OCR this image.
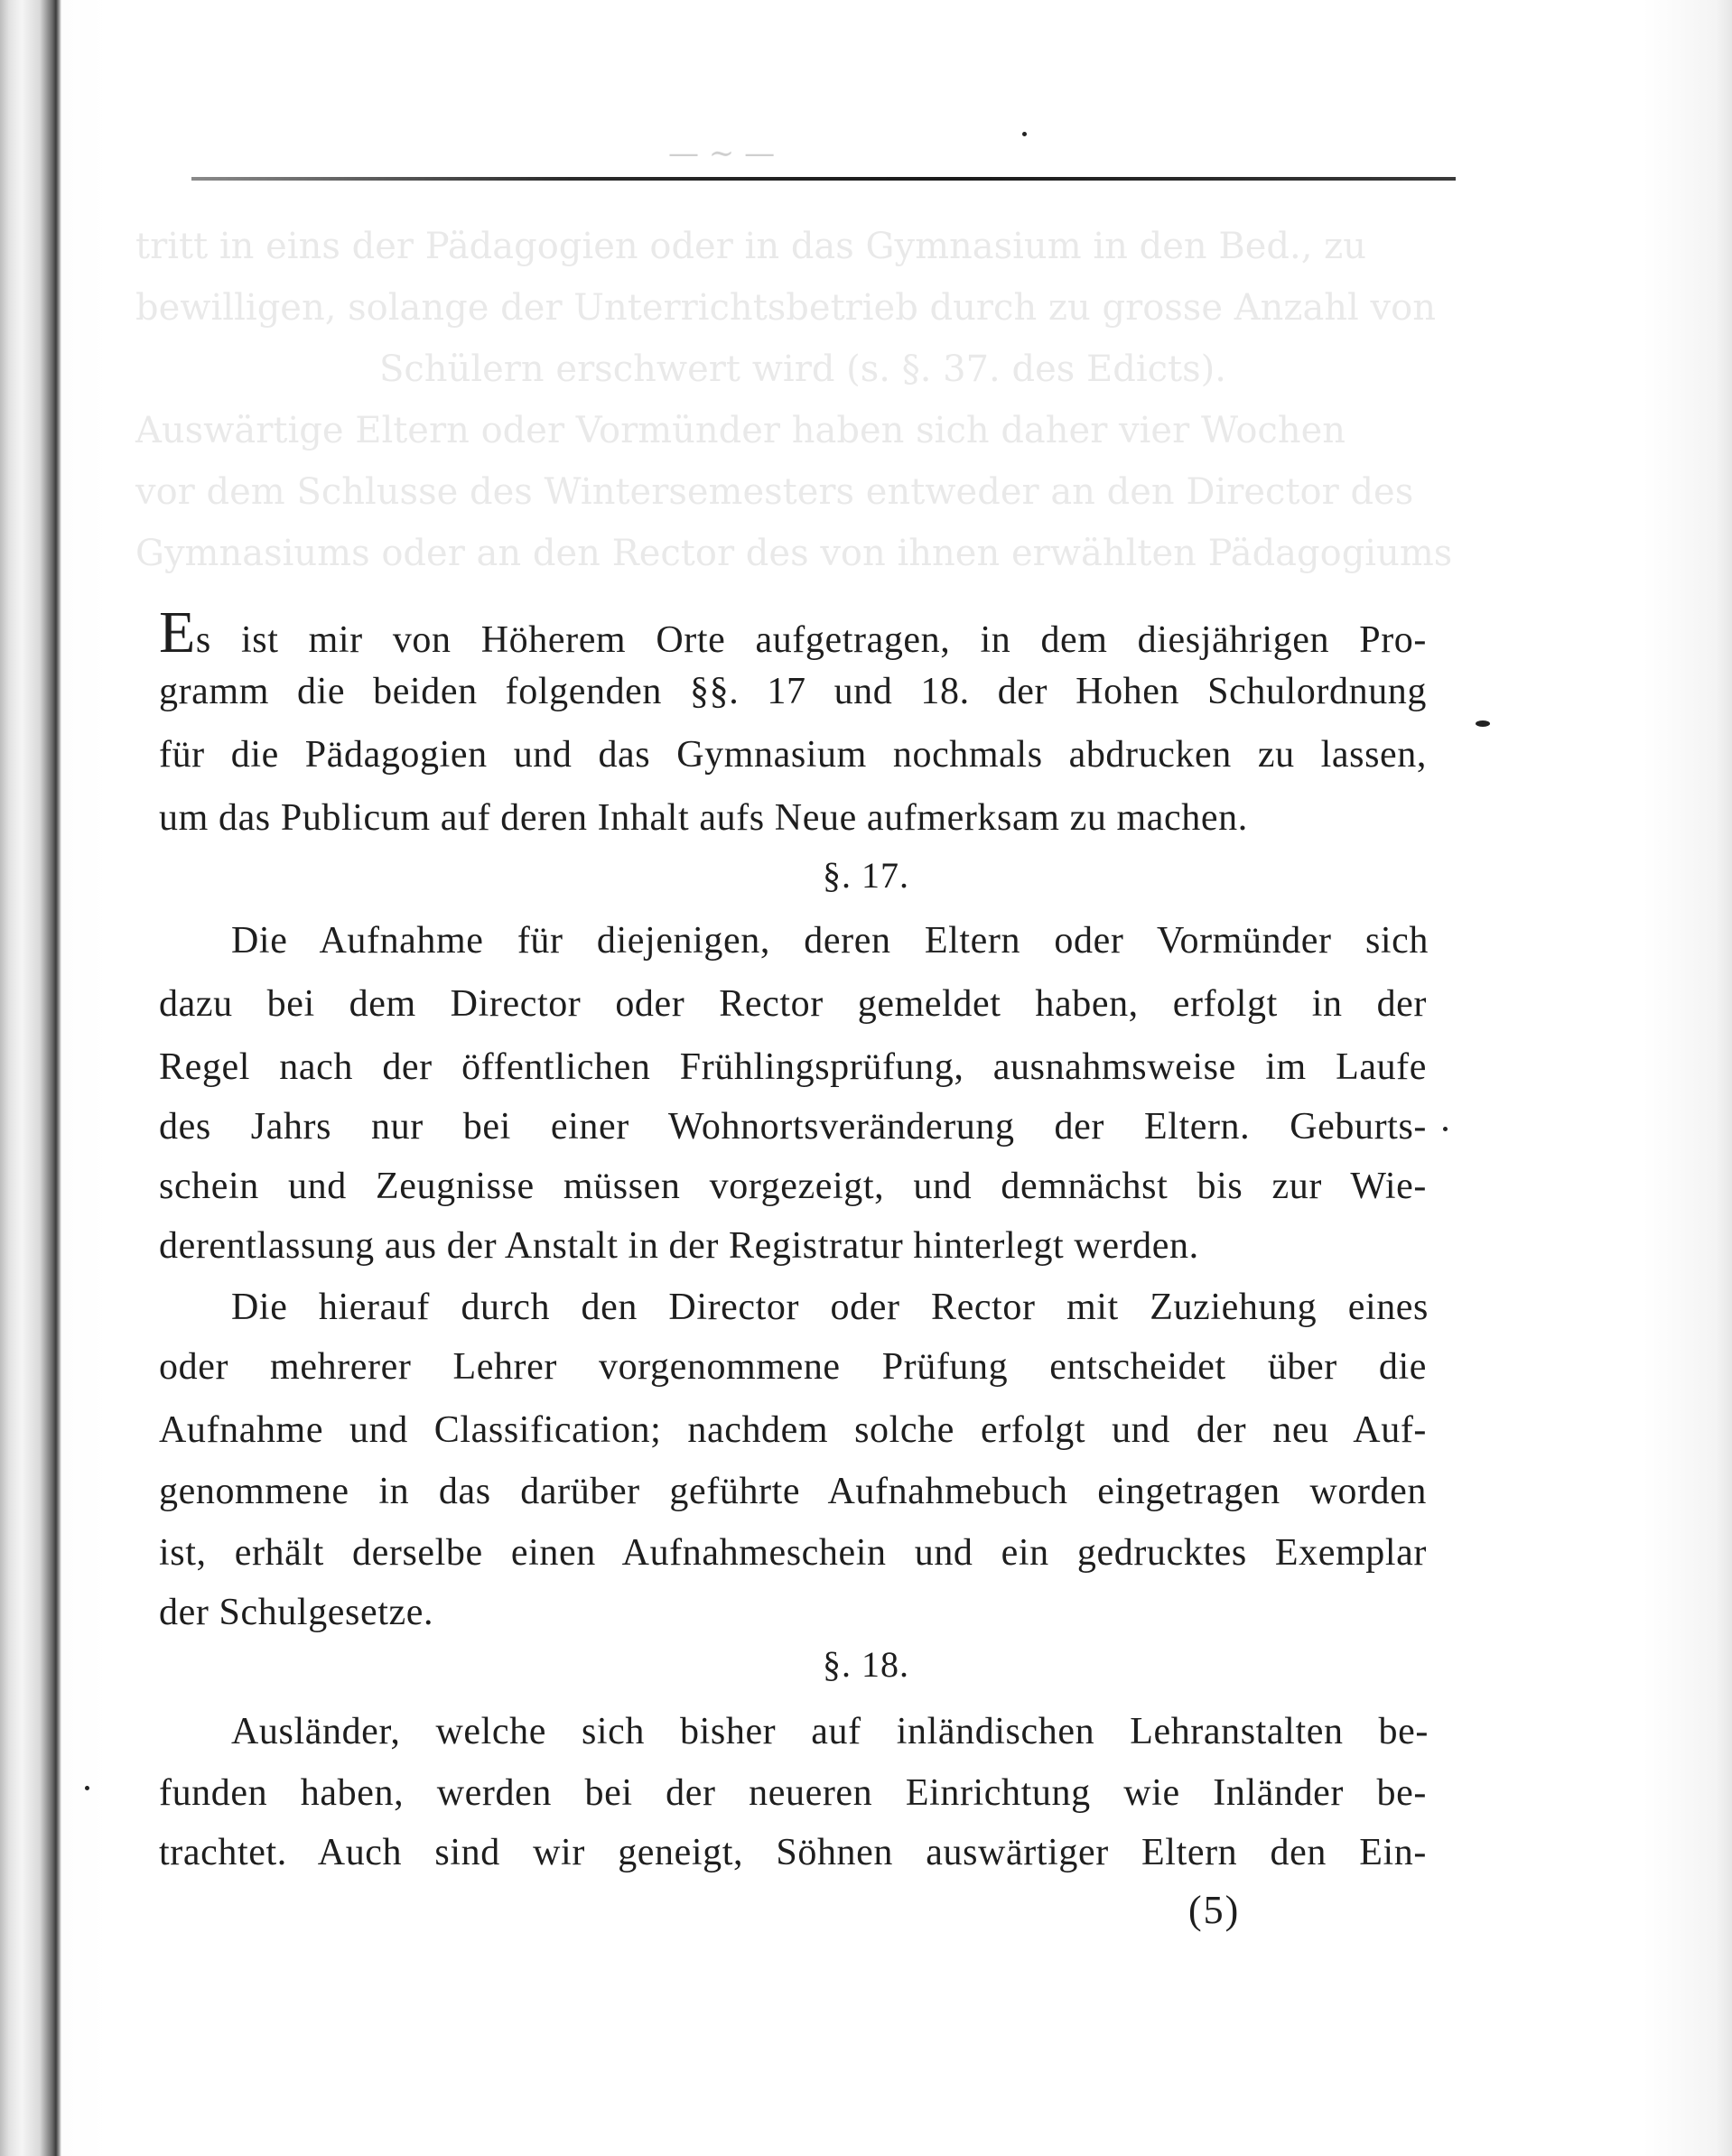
tritt in eins der Pädagogien oder in das Gymnasium in den Bed., zu
bewilligen, solange der Unterrichtsbetrieb durch zu grosse Anzahl von
Schülern erschwert wird (s. §. 37. des Edicts).
Auswärtige Eltern oder Vormünder haben sich daher vier Wochen
vor dem Schlusse des Wintersemesters entweder an den Director des
Gymnasiums oder an den Rector des von ihnen erwählten Pädagogiums
— ∼ —
Es ist mir von Höherem Orte aufgetragen, in dem diesjährigen Pro-
gramm die beiden folgenden §§. 17 und 18. der Hohen Schulordnung
für die Pädagogien und das Gymnasium nochmals abdrucken zu lassen,
um das Publicum auf deren Inhalt aufs Neue aufmerksam zu machen.
§. 17.
Die Aufnahme für diejenigen, deren Eltern oder Vormünder sich
dazu bei dem Director oder Rector gemeldet haben, erfolgt in der
Regel nach der öffentlichen Frühlingsprüfung, ausnahmsweise im Laufe
des Jahrs nur bei einer Wohnortsveränderung der Eltern. Geburts-
schein und Zeugnisse müssen vorgezeigt, und demnächst bis zur Wie-
derentlassung aus der Anstalt in der Registratur hinterlegt werden.
Die hierauf durch den Director oder Rector mit Zuziehung eines
oder mehrerer Lehrer vorgenommene Prüfung entscheidet über die
Aufnahme und Classification; nachdem solche erfolgt und der neu Auf-
genommene in das darüber geführte Aufnahmebuch eingetragen worden
ist, erhält derselbe einen Aufnahmeschein und ein gedrucktes Exemplar
der Schulgesetze.
§. 18.
Ausländer, welche sich bisher auf inländischen Lehranstalten be-
funden haben, werden bei der neueren Einrichtung wie Inländer be-
trachtet. Auch sind wir geneigt, Söhnen auswärtiger Eltern den Ein-
(5)
